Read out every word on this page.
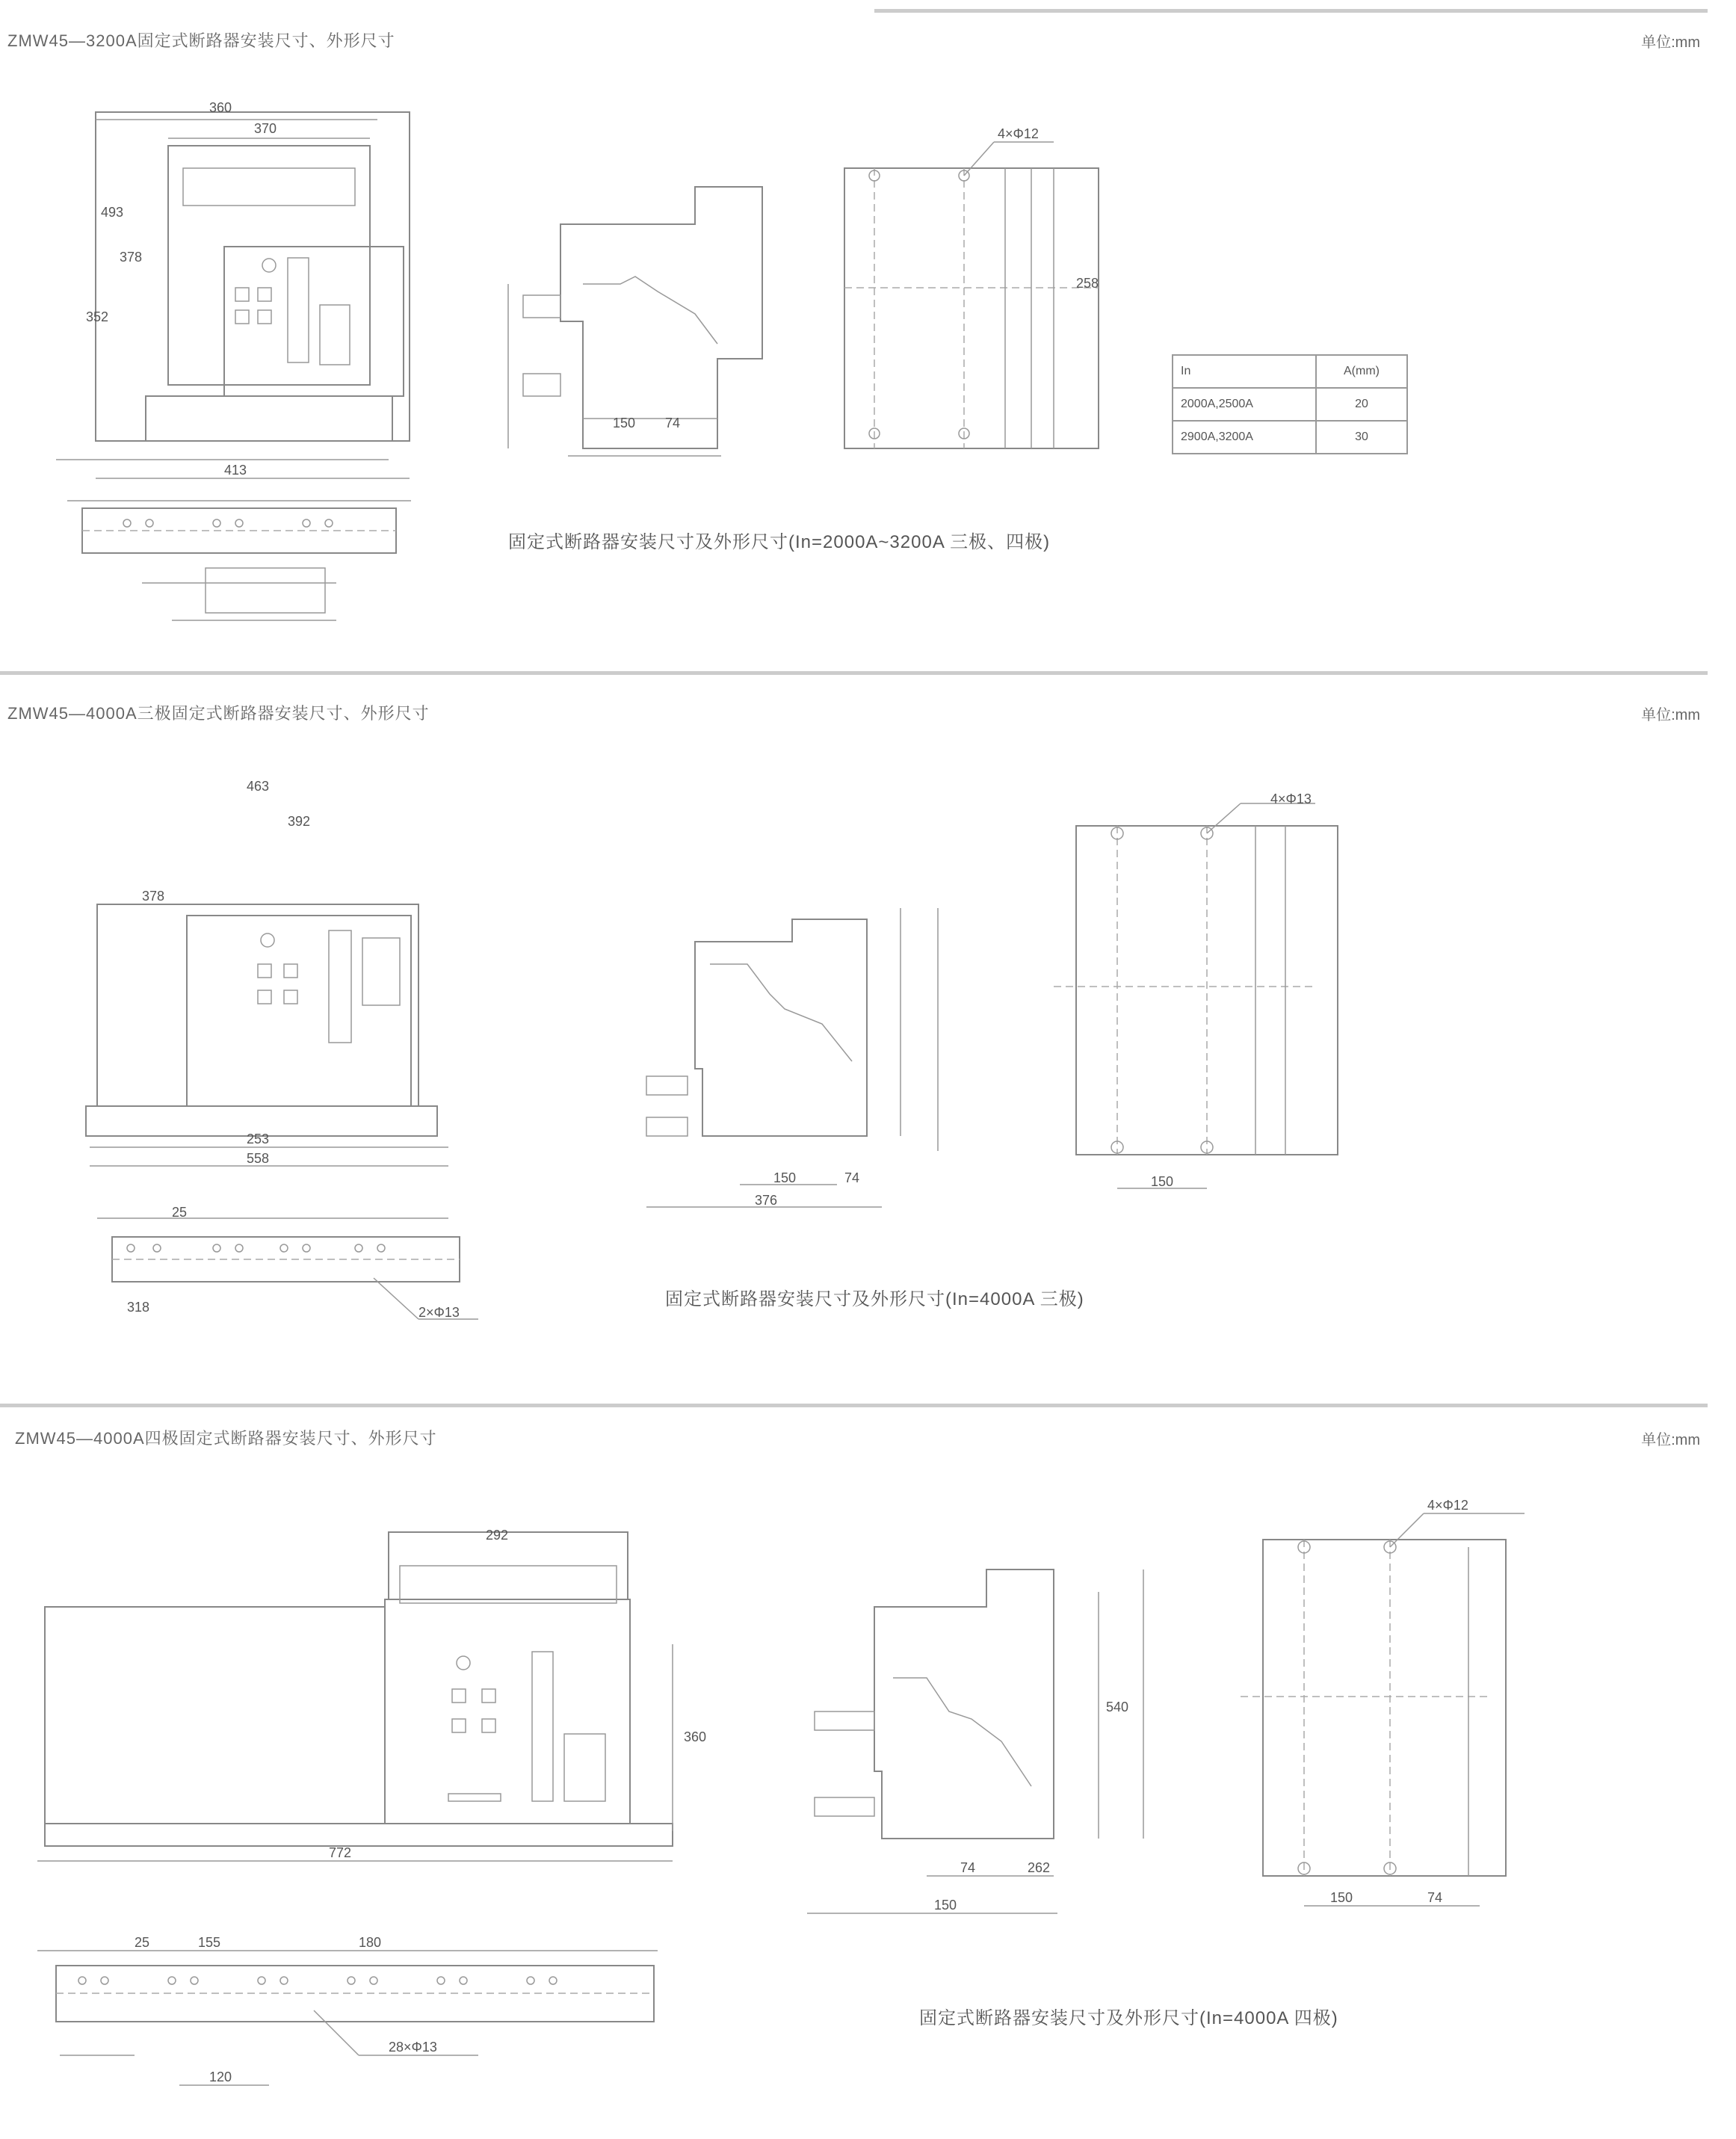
ZMW45—3200A固定式断路器安装尺寸、外形尺寸	单位:mm
In	A(mm)
2000A,2500A	20
2900A,3200A	30
固定式断路器安装尺寸及外形尺寸(In=2000A~3200A 三极、四极)
ZMW45—4000A三极固定式断路器安装尺寸、外形尺寸	单位:mm
固定式断路器安装尺寸及外形尺寸(In=4000A 三极)
ZMW45—4000A四极固定式断路器安装尺寸、外形尺寸	单位:mm
固定式断路器安装尺寸及外形尺寸(In=4000A 四极)
360
370
352
378
493
413
150 74
4×Φ12
258
463
392
378
253
558
2×Φ13
318
25
150	74
376
4×Φ13
150
292
772
360
28×Φ13
155	180
120
25
74	262
150
540
4×Φ12
150	74
